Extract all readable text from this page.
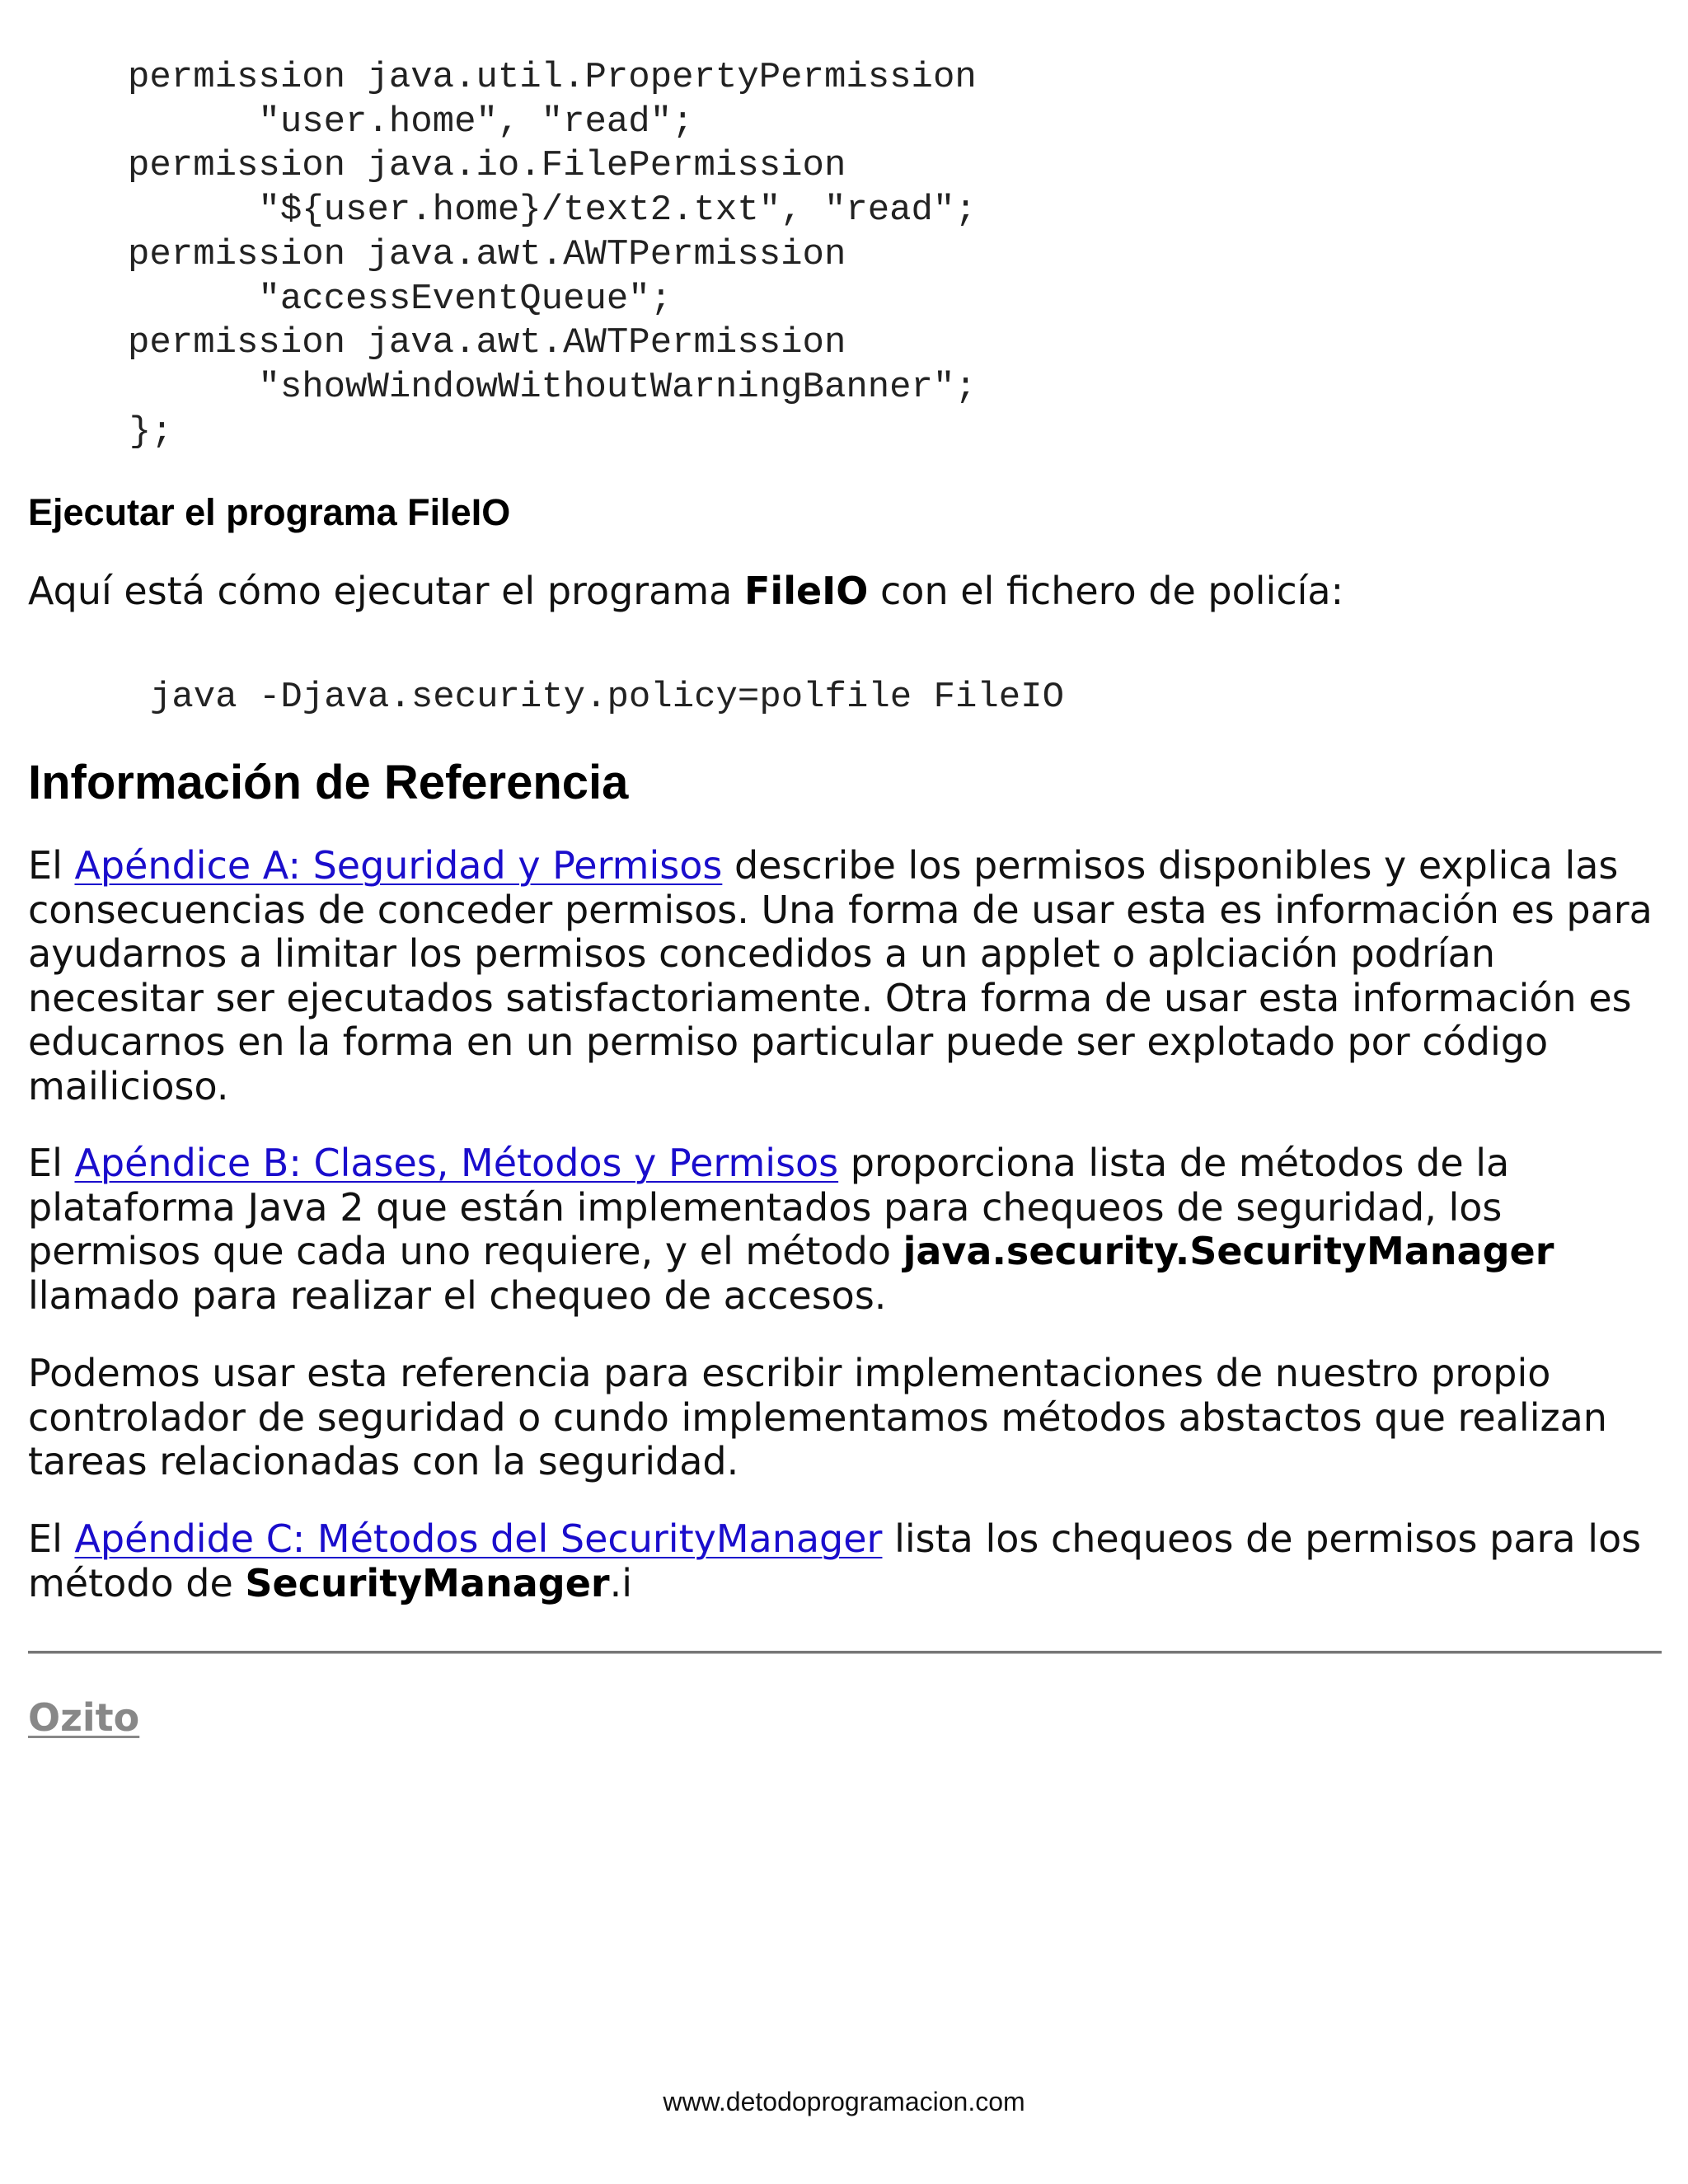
permission java.util.PropertyPermission
"user.home", "read";
permission java.io.FilePermission
"${user.home}/text2.txt", "read";
permission java.awt.AWTPermission
"accessEventQueue";
permission java.awt.AWTPermission
"showWindowWithoutWarningBanner";
};
Ejecutar el programa FileIO

Aquí está cómo ejecutar el programa FileIO con el fichero de policía:

java -Djava.security.policy=polfile FileIO
Información de Referencia

El Apéndice A: Seguridad y Permisos describe los permisos disponibles y explica las consecuencias de conceder permisos. Una forma de usar esta es información es para ayudarnos a limitar los permisos concedidos a un applet o aplciación podrían necesitar ser ejecutados satisfactoriamente. Otra forma de usar esta información es educarnos en la forma en un permiso particular puede ser explotado por código mailicioso.

El Apéndice B: Clases, Métodos y Permisos proporciona lista de métodos de la plataforma Java 2 que están implementados para chequeos de seguridad, los permisos que cada uno requiere, y el método java.security.SecurityManager llamado para realizar el chequeo de accesos.

Podemos usar esta referencia para escribir implementaciones de nuestro propio controlador de seguridad o cundo implementamos métodos abstactos que realizan tareas relacionadas con la seguridad.

El Apéndide C: Métodos del SecurityManager lista los chequeos de permisos para los método de SecurityManager.i

Ozito
www.detodoprogramacion.com
